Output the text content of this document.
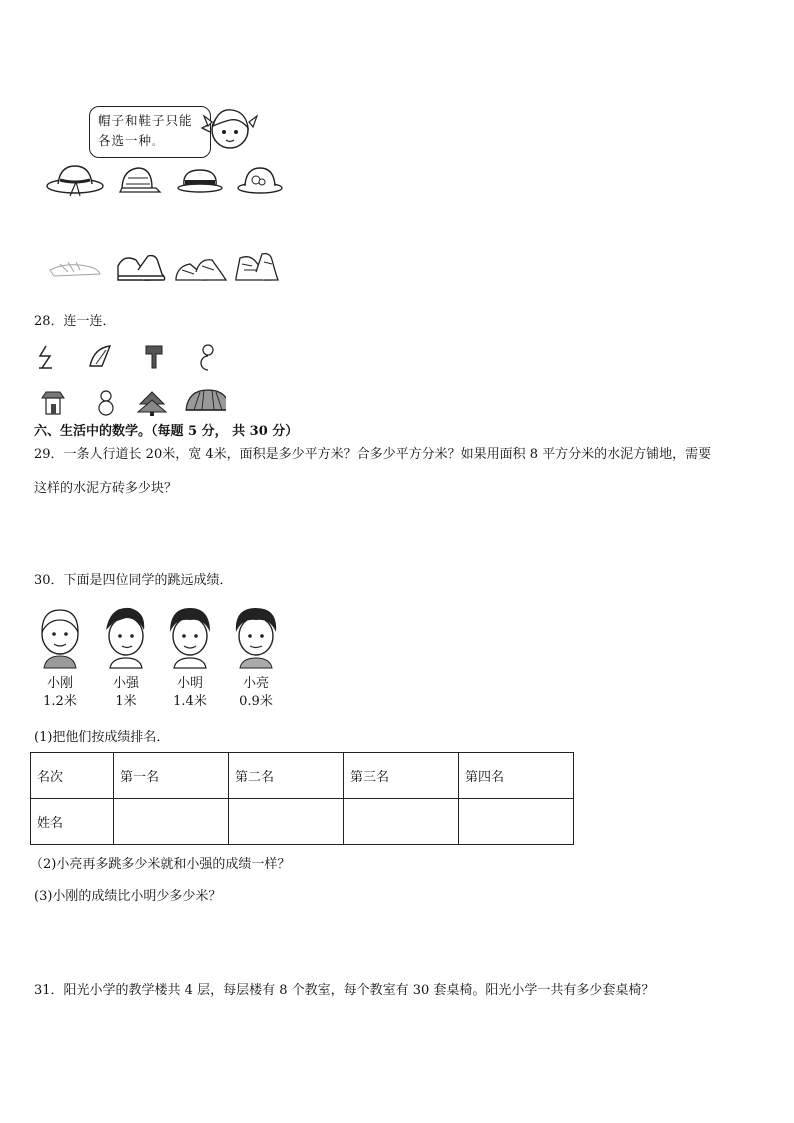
帽子和鞋子只能
各选一种。
28．连一连．
六、生活中的数学。（每题 5 分， 共 30 分）
29．一条人行道长 20米，宽 4米，面积是多少平方米？合多少平方分米？如果用面积 8 平方分米的水泥方铺地，需要
这样的水泥方砖多少块？
30．下面是四位同学的跳远成绩．
小刚
1.2米
小强
1米
小明
1.4米
小亮
0.9米
(1)把他们按成绩排名．
名次	第一名	第二名	第三名	第四名
姓名				
（2)小亮再多跳多少米就和小强的成绩一样？
(3)小刚的成绩比小明少多少米？
31．阳光小学的教学楼共 4 层，每层楼有 8 个教室，每个教室有 30 套桌椅。阳光小学一共有多少套桌椅？
